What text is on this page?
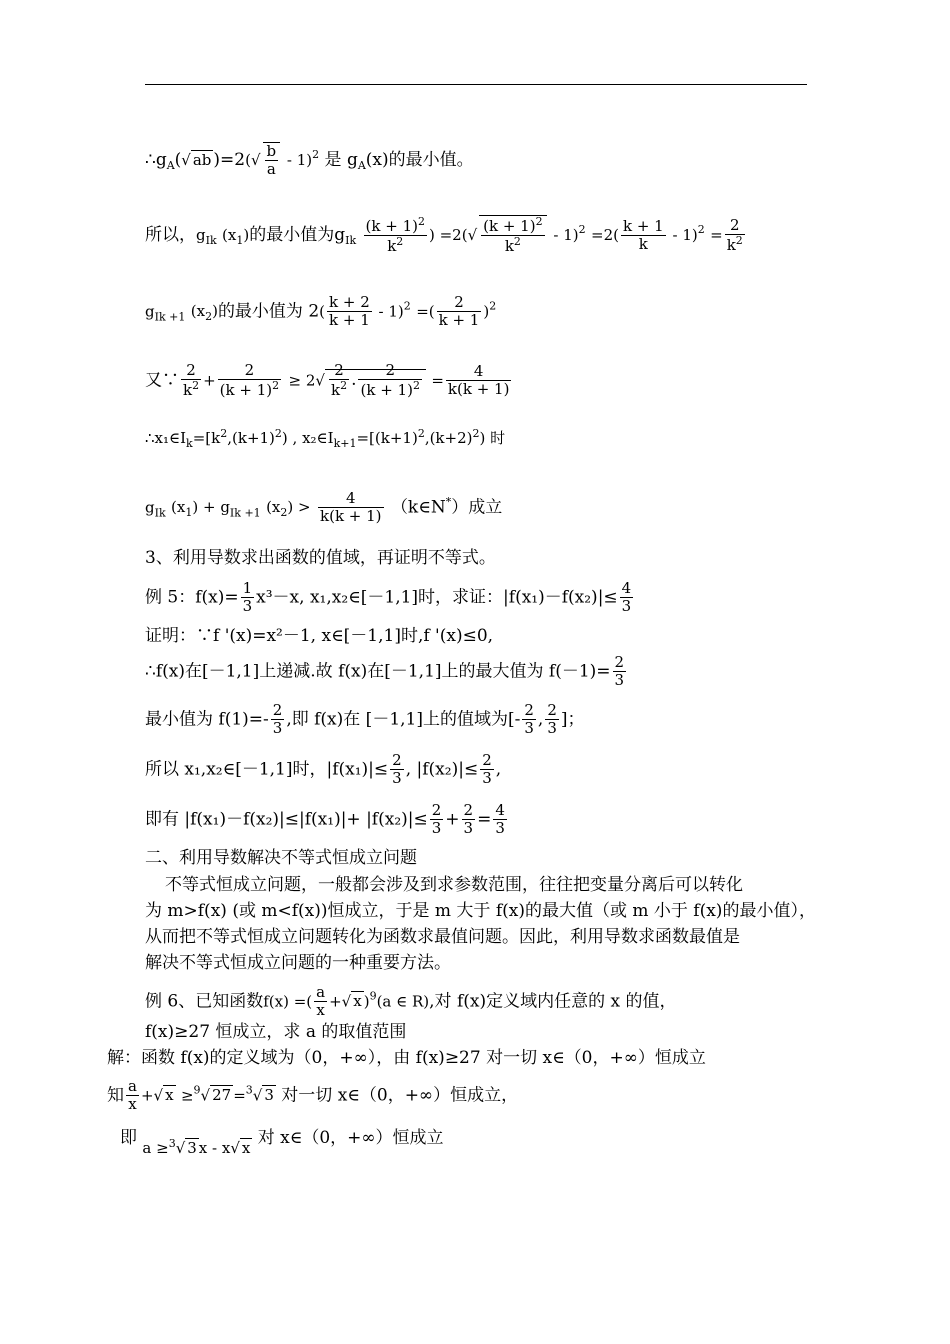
$\therefore g_A(√$ ab )$=2(√ \frac{b}{a} - 1)^2$ 是 $g_A(x)$的最小值。
所以，$g_{Ik}$ $(x_1)$的最小值为$g_{Ik} \frac{(k + 1)^2}{k^2}$ ) $=2(√ \frac{(k + 1)^2}{k^2} - 1)^2 =2( \frac{k + 1}{k} - 1)^2 = \frac{2}{k^2}$
$g_{Ik +1}$ $(x_2)$的最小值为 $2( \frac{k + 2}{k + 1} - 1)^2$ =( $\frac{2}{k + 1} )^2$
又∵ $\frac{2}{k^2} + \frac{2}{(k + 1)^2} \ge 2√ \frac{2}{k^2}$ . $\frac{2}{(k + 1)^2} = \frac{4}{k(k + 1)}$
$\therefore x_1\in I_k=[k^2,(k+1)^2)$ , $x_2\in I_{k+1}=[(k+1)^2,(k+2)^2)$ 时
$g_{Ik}$ $(x_1) + g_{Ik +1}$ $(x_2) > \frac{4}{k(k + 1)}$ （k∈N*）成立
3、利用导数求出函数的值域，再证明不等式。
例 5：$f(x)= \frac{1}{3} x^3-x$, x₁,x₂∈[－1,1]时，求证：$|f(x_1)-f(x_2)|\le \frac{4}{3}$
证明：∵f '(x)=x²－1, x∈[－1,1]时,f '(x)≤0,
∴f(x)在[－1,1]上递减.故 f(x)在[－1,1]上的最大值为 $f(-1)= \frac{2}{3}$
最小值为 $f(1)=- \frac{2}{3}$ ,即 f(x)在 [－1,1]上的值域为[- $\frac{2}{3}$ , $\frac{2}{3}$ ]；
所以 x₁,x₂∈[－1,1]时，$|f(x_1)|\le \frac{2}{3}$ , $|f(x_2)|\le \frac{2}{3}$ ,
即有 $|f(x_1)-f(x_2)|\le|f(x_1)|+ |f(x_2)|\le \frac{2}{3} + \frac{2}{3} = \frac{4}{3}$
二、利用导数解决不等式恒成立问题
不等式恒成立问题，一般都会涉及到求参数范围，往往把变量分离后可以转化
为 m>f(x) (或 m<f(x))恒成立，于是 m 大于 f(x)的最大值（或 m 小于 f(x)的最小值），
从而把不等式恒成立问题转化为函数求最值问题。因此，利用导数求函数最值是
解决不等式恒成立问题的一种重要方法。
例 6、已知函数f(x) =( $\frac{a}{x}$ +√ x )$^9$(a ∈ R),对 f(x)定义域内任意的 x 的值，
f(x)≥27 恒成立，求 a 的取值范围
解：函数 f(x)的定义域为（0，+∞），由 f(x)≥27 对一切 x∈（0，+∞）恒成立
知 $\frac{a}{x}$ +√ x ≥$^9$√ 27 =$^3$√ 3 对一切 x∈（0，+∞）恒成立，
即 a ≥$^3$√ 3 x - x√ x 对 x∈（0，+∞）恒成立
